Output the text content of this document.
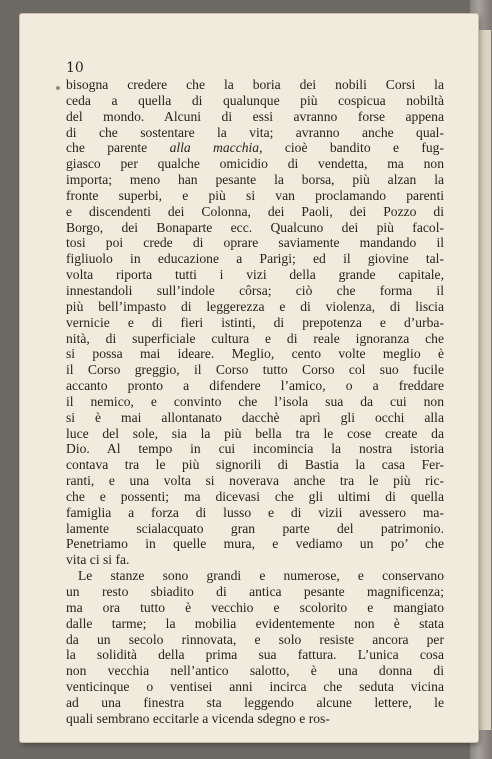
10
bisogna credere che la boria dei nobili Corsi la
ceda a quella di qualunque più cospicua nobiltà
del mondo. Alcuni di essi avranno forse appena
di che sostentare la vita; avranno anche qual-
che parente alla macchia, cioè bandito e fug-
giasco per qualche omicidio di vendetta, ma non
importa; meno han pesante la borsa, più alzan la
fronte superbi, e più si van proclamando parenti
e discendenti dei Colonna, dei Paoli, dei Pozzo di
Borgo, dei Bonaparte ecc. Qualcuno dei più facol-
tosi poi crede di oprare saviamente mandando il
figliuolo in educazione a Parigi; ed il giovine tal-
volta riporta tutti i vizi della grande capitale,
innestandoli sull’indole côrsa; ciò che forma il
più bell’impasto di leggerezza e di violenza, di liscia
vernicie e di fieri istinti, di prepotenza e d’urba-
nità, di superficiale cultura e di reale ignoranza che
si possa mai ideare. Meglio, cento volte meglio è
il Corso greggio, il Corso tutto Corso col suo fucile
accanto pronto a difendere l’amico, o a freddare
il nemico, e convinto che l’isola sua da cui non
si è mai allontanato dacchè aprì gli occhi alla
luce del sole, sia la più bella tra le cose create da
Dio. Al tempo in cui incomincia la nostra istoria
contava tra le più signorili di Bastia la casa Fer-
ranti, e una volta si noverava anche tra le più ric-
che e possenti; ma dicevasi che gli ultimi di quella
famiglia a forza di lusso e di vizii avessero ma-
lamente scialacquato gran parte del patrimonio.
Penetriamo in quelle mura, e vediamo un po’ che
vita ci si fa.
Le stanze sono grandi e numerose, e conservano
un resto sbiadito di antica pesante magnificenza;
ma ora tutto è vecchio e scolorito e mangiato
dalle tarme; la mobilia evidentemente non è stata
da un secolo rinnovata, e solo resiste ancora per
la solidità della prima sua fattura. L’unica cosa
non vecchia nell’antico salotto, è una donna di
venticinque o ventisei anni incirca che seduta vicina
ad una finestra sta leggendo alcune lettere, le
quali sembrano eccitarle a vicenda sdegno e ros-
